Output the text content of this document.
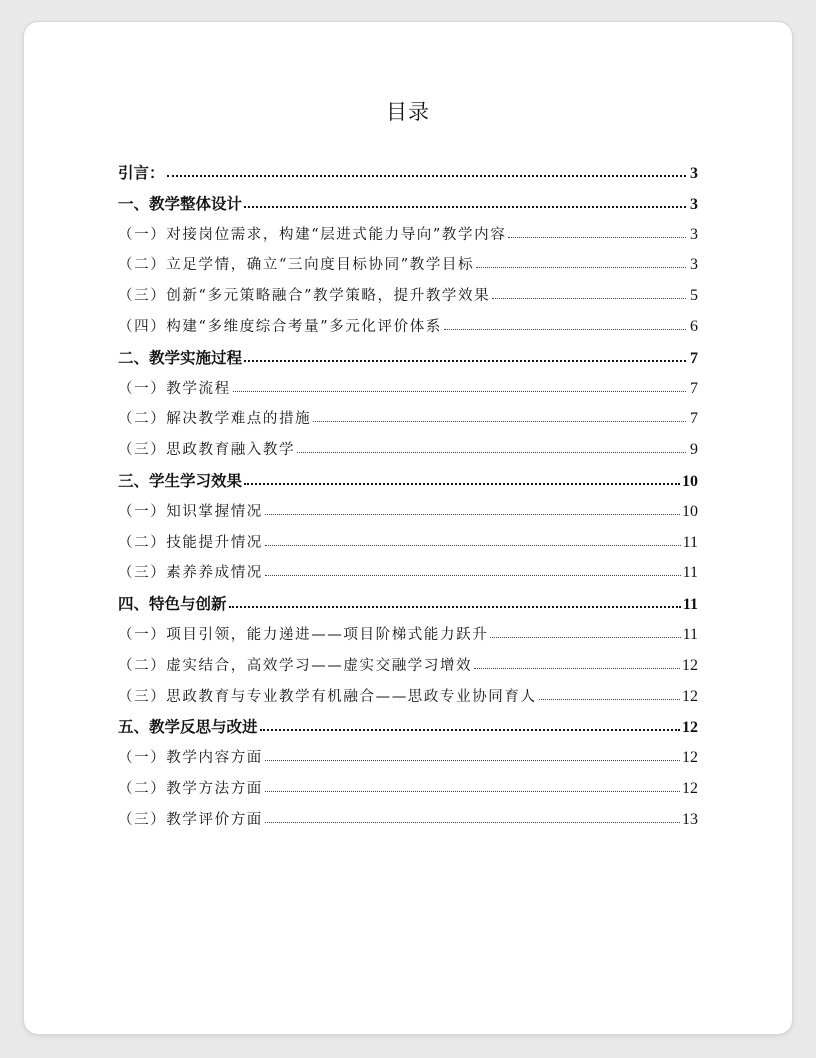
目录
引言：	3
一、教学整体设计	3
（一）对接岗位需求，构建“层进式能力导向”教学内容	3
（二）立足学情，确立“三向度目标协同”教学目标	3
（三）创新“多元策略融合”教学策略，提升教学效果	5
（四）构建“多维度综合考量”多元化评价体系	6
二、教学实施过程	7
（一）教学流程	7
（二）解决教学难点的措施	7
（三）思政教育融入教学	9
三、学生学习效果	10
（一）知识掌握情况	10
（二）技能提升情况	11
（三）素养养成情况	11
四、特色与创新	11
（一）项目引领，能力递进——项目阶梯式能力跃升	11
（二）虚实结合，高效学习——虚实交融学习增效	12
（三）思政教育与专业教学有机融合——思政专业协同育人	12
五、教学反思与改进	12
（一）教学内容方面	12
（二）教学方法方面	12
（三）教学评价方面	13
